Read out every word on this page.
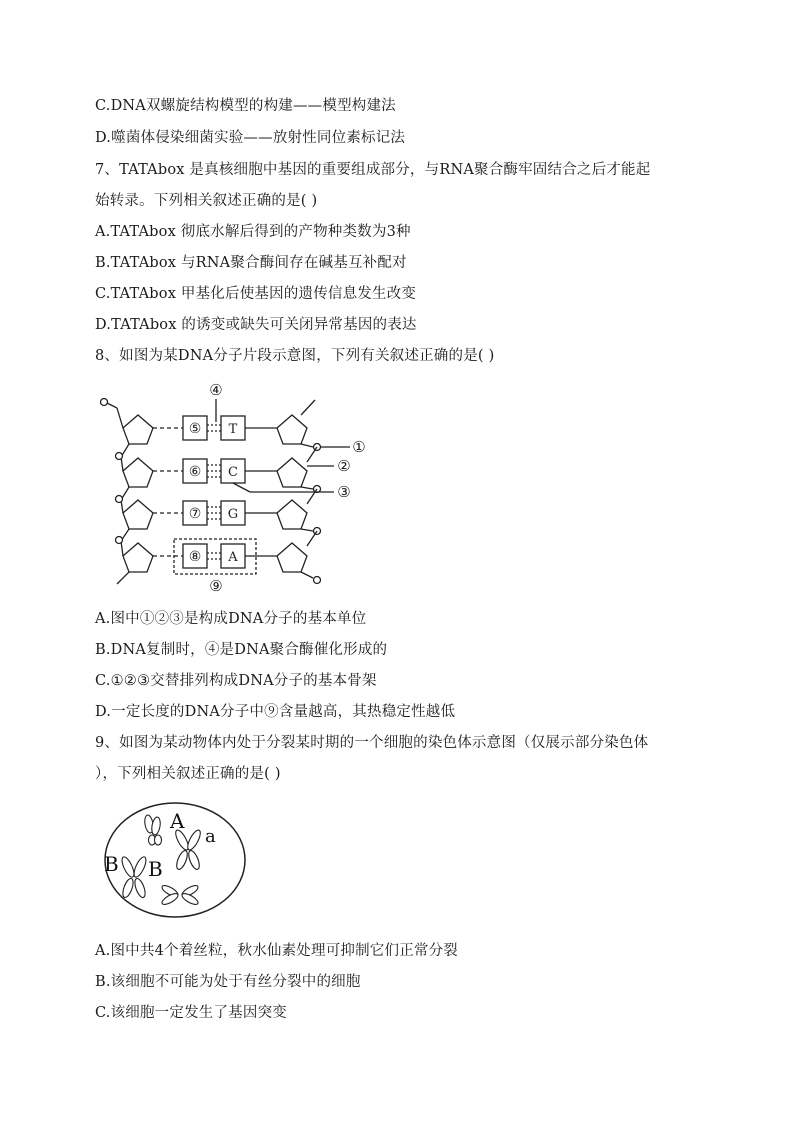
C.DNA双螺旋结构模型的构建——模型构建法
D.噬菌体侵染细菌实验——放射性同位素标记法
7、TATAbox 是真核细胞中基因的重要组成部分，与RNA聚合酶牢固结合之后才能起
始转录。下列相关叙述正确的是( )
A.TATAbox 彻底水解后得到的产物种类数为3种
B.TATAbox 与RNA聚合酶间存在碱基互补配对
C.TATAbox 甲基化后使基因的遗传信息发生改变
D.TATAbox 的诱变或缺失可关闭异常基因的表达
8、如图为某DNA分子片段示意图，下列有关叙述正确的是( )
⑤
⑥
⑦
⑧
T
C
G
A
①
②
③
④
⑨
A.图中①②③是构成DNA分子的基本单位
B.DNA复制时，④是DNA聚合酶催化形成的
C.①②③交替排列构成DNA分子的基本骨架
D.一定长度的DNA分子中⑨含量越高，其热稳定性越低
9、如图为某动物体内处于分裂某时期的一个细胞的染色体示意图（仅展示部分染色体
），下列相关叙述正确的是( )
A
a
B B
A.图中共4个着丝粒，秋水仙素处理可抑制它们正常分裂
B.该细胞不可能为处于有丝分裂中的细胞
C.该细胞一定发生了基因突变
